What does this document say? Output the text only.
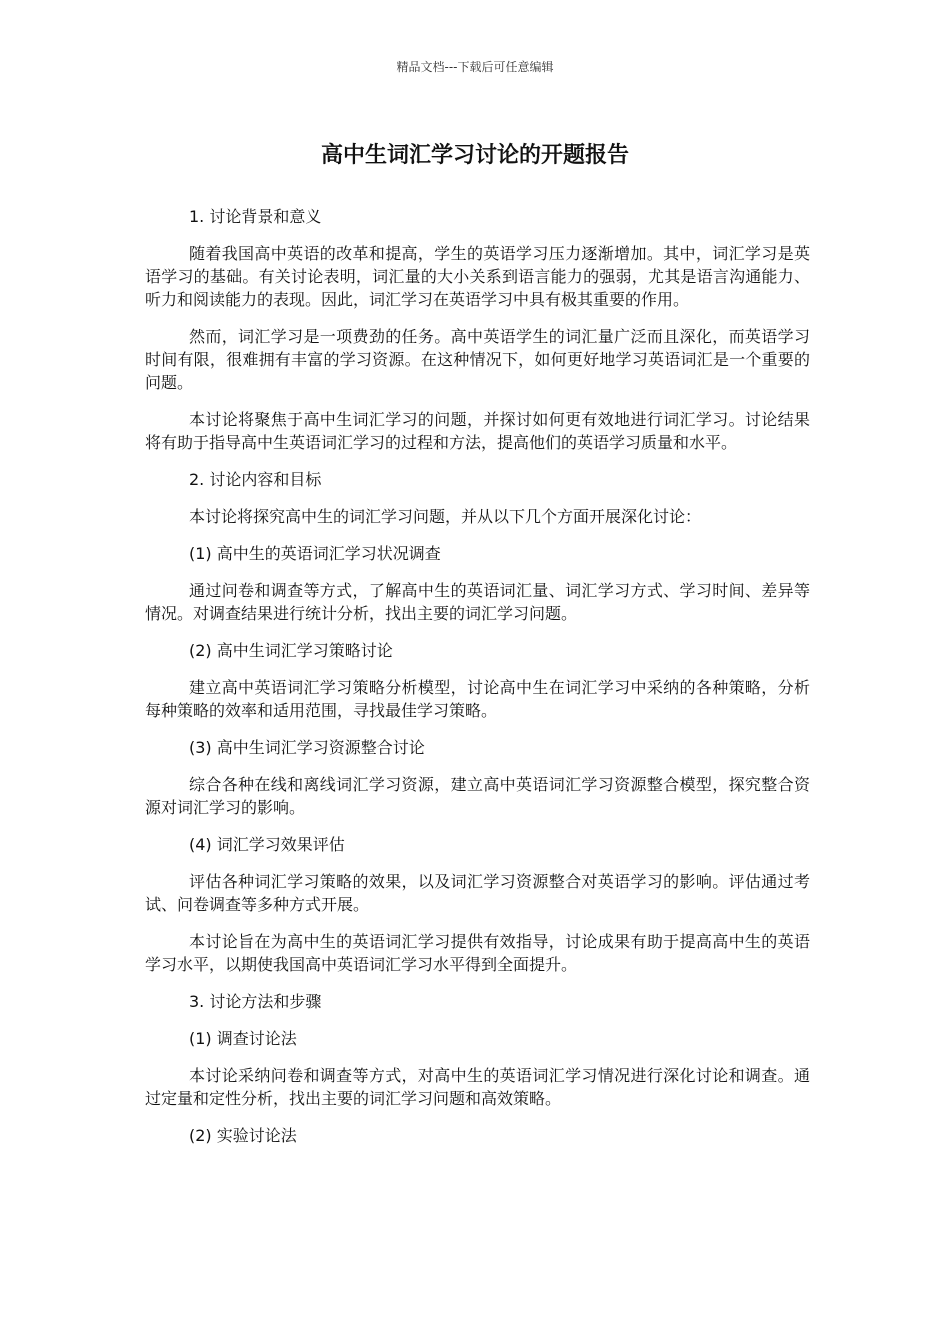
精品文档---下载后可任意编辑
高中生词汇学习讨论的开题报告

1. 讨论背景和意义

随着我国高中英语的改革和提高，学生的英语学习压力逐渐增加。其中，词汇学习是英语学习的基础。有关讨论表明，词汇量的大小关系到语言能力的强弱，尤其是语言沟通能力、听力和阅读能力的表现。因此，词汇学习在英语学习中具有极其重要的作用。

然而，词汇学习是一项费劲的任务。高中英语学生的词汇量广泛而且深化，而英语学习时间有限，很难拥有丰富的学习资源。在这种情况下，如何更好地学习英语词汇是一个重要的问题。

本讨论将聚焦于高中生词汇学习的问题，并探讨如何更有效地进行词汇学习。讨论结果将有助于指导高中生英语词汇学习的过程和方法，提高他们的英语学习质量和水平。

2. 讨论内容和目标

本讨论将探究高中生的词汇学习问题，并从以下几个方面开展深化讨论：

(1) 高中生的英语词汇学习状况调查

通过问卷和调查等方式，了解高中生的英语词汇量、词汇学习方式、学习时间、差异等情况。对调查结果进行统计分析，找出主要的词汇学习问题。

(2) 高中生词汇学习策略讨论

建立高中英语词汇学习策略分析模型，讨论高中生在词汇学习中采纳的各种策略，分析每种策略的效率和适用范围，寻找最佳学习策略。

(3) 高中生词汇学习资源整合讨论

综合各种在线和离线词汇学习资源，建立高中英语词汇学习资源整合模型，探究整合资源对词汇学习的影响。

(4) 词汇学习效果评估

评估各种词汇学习策略的效果，以及词汇学习资源整合对英语学习的影响。评估通过考试、问卷调查等多种方式开展。

本讨论旨在为高中生的英语词汇学习提供有效指导，讨论成果有助于提高高中生的英语学习水平，以期使我国高中英语词汇学习水平得到全面提升。

3. 讨论方法和步骤

(1) 调查讨论法

本讨论采纳问卷和调查等方式，对高中生的英语词汇学习情况进行深化讨论和调查。通过定量和定性分析，找出主要的词汇学习问题和高效策略。

(2) 实验讨论法
